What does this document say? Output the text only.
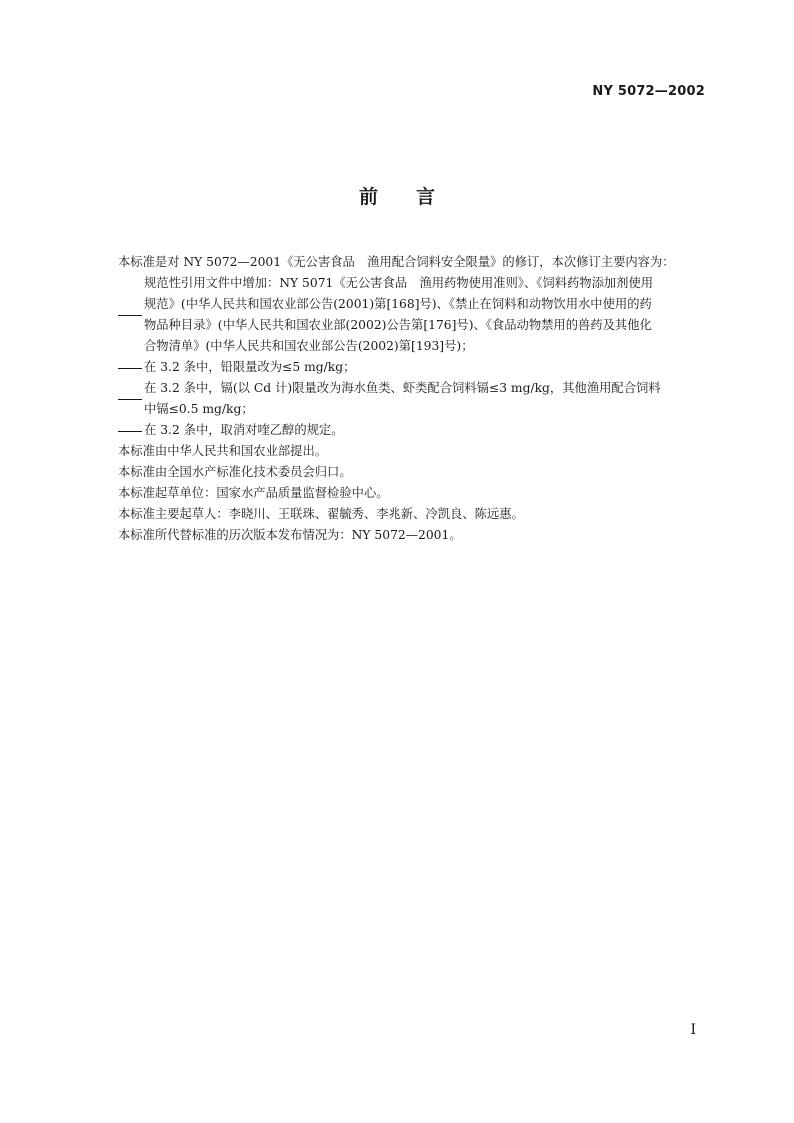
NY 5072—2002
前言

本标准是对 NY 5072—2001《无公害食品　渔用配合饲料安全限量》的修订，本次修订主要内容为：

规范性引用文件中增加：NY 5071《无公害食品　渔用药物使用准则》、《饲料药物添加剂使用
规范》(中华人民共和国农业部公告(2001)第[168]号)、《禁止在饲料和动物饮用水中使用的药
物品种目录》(中华人民共和国农业部(2002)公告第[176]号)、《食品动物禁用的兽药及其他化
合物清单》(中华人民共和国农业部公告(2002)第[193]号)；
在 3.2 条中，铅限量改为≤5 mg/kg；
在 3.2 条中，镉(以 Cd 计)限量改为海水鱼类、虾类配合饲料镉≤3 mg/kg，其他渔用配合饲料
中镉≤0.5 mg/kg；
在 3.2 条中，取消对喹乙醇的规定。

本标准由中华人民共和国农业部提出。

本标准由全国水产标准化技术委员会归口。

本标准起草单位：国家水产品质量监督检验中心。

本标准主要起草人：李晓川、王联珠、翟毓秀、李兆新、冷凯良、陈远惠。

本标准所代替标准的历次版本发布情况为：NY 5072—2001。

I
